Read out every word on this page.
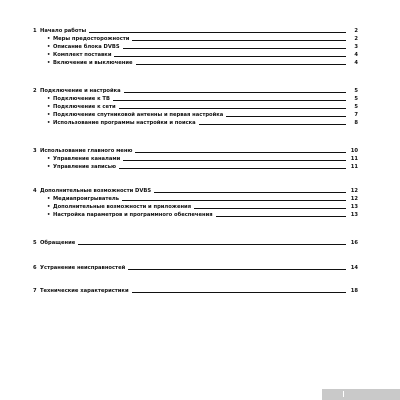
1 Начало работы	2
• Меры предосторожности	2
• Описание блока DVBS	3
• Комплект поставки	4
• Включение и выключение	4
2 Подключение и настройка	5
• Подключение к ТВ	5
• Подключение к сети	5
• Подключение спутниковой антенны и первая настройка	7
• Использование программы настройки и поиска	8
3 Использование главного меню	10
• Управление каналами	11
• Управление записью	11
4 Дополнительные возможности DVBS	12
• Медиапроигрыватель	12
• Дополнительные возможности и приложения	13
• Настройка параметров и программного обеспечения	13
5 Обращение	16
6 Устранение неисправностей	14
7 Технические характеристики	18
